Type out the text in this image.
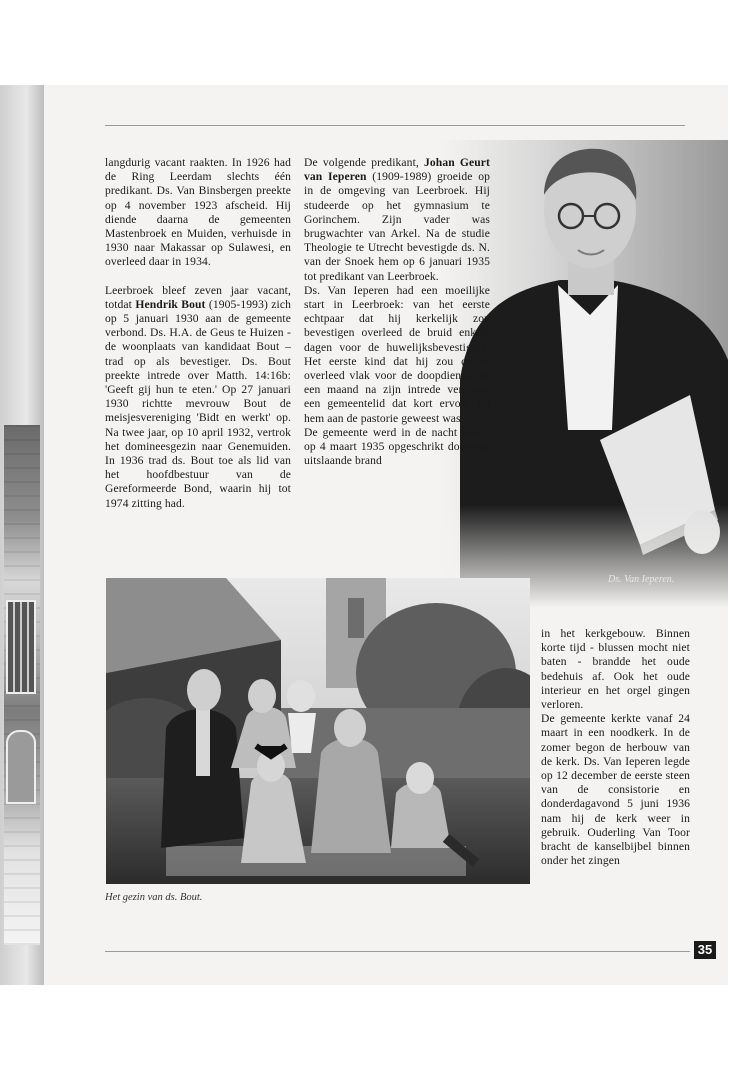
langdurig vacant raakten. In 1926 had de Ring Leerdam slechts één predikant. Ds. Van Binsbergen preekte op 4 november 1923 afscheid. Hij diende daarna de gemeenten Mastenbroek en Muiden, verhuisde in 1930 naar Makassar op Sulawesi, en overleed daar in 1934.

Leerbroek bleef zeven jaar vacant, totdat Hendrik Bout (1905-1993) zich op 5 januari 1930 aan de gemeente verbond. Ds. H.A. de Geus te Huizen - de woonplaats van kandidaat Bout – trad op als bevestiger. Ds. Bout preekte intrede over Matth. 14:16b: 'Geeft gij hun te eten.' Op 27 januari 1930 richtte mevrouw Bout de meisjesvereniging 'Bidt en werkt' op. Na twee jaar, op 10 april 1932, vertrok het domineesgezin naar Genemuiden. In 1936 trad ds. Bout toe als lid van het hoofdbestuur van de Gereformeerde Bond, waarin hij tot 1974 zitting had.

Ds. Van Ieperen.

De volgende predikant, Johan Geurt van Ieperen (1909-1989) groeide op in de omgeving van Leerbroek. Hij studeerde op het gymnasium te Gorinchem. Zijn vader was brugwachter van Arkel. Na de studie Theologie te Utrecht bevestigde ds. N. van der Snoek hem op 6 januari 1935 tot predikant van Leerbroek.

Ds. Van Ieperen had een moeilijke start in Leerbroek: van het eerste echtpaar dat hij kerkelijk zou bevestigen overleed de bruid enkele dagen voor de huwelijksbevestiging. Het eerste kind dat hij zou dopen overleed vlak voor de doopdienst. En een maand na zijn intrede verdronk een gemeentelid dat kort ervoor bij hem aan de pastorie geweest was.

De gemeente werd in de nacht van 3 op 4 maart 1935 opgeschrikt door een uitslaande brand

Het gezin van ds. Bout.

in het kerkgebouw. Binnen korte tijd - blussen mocht niet baten - brandde het oude bedehuis af. Ook het oude interieur en het orgel gingen verloren.

De gemeente kerkte vanaf 24 maart in een noodkerk. In de zomer begon de herbouw van de kerk. Ds. Van Ieperen legde op 12 december de eerste steen van de consistorie en donderdagavond 5 juni 1936 nam hij de kerk weer in gebruik. Ouderling Van Toor bracht de kanselbijbel binnen onder het zingen

35
